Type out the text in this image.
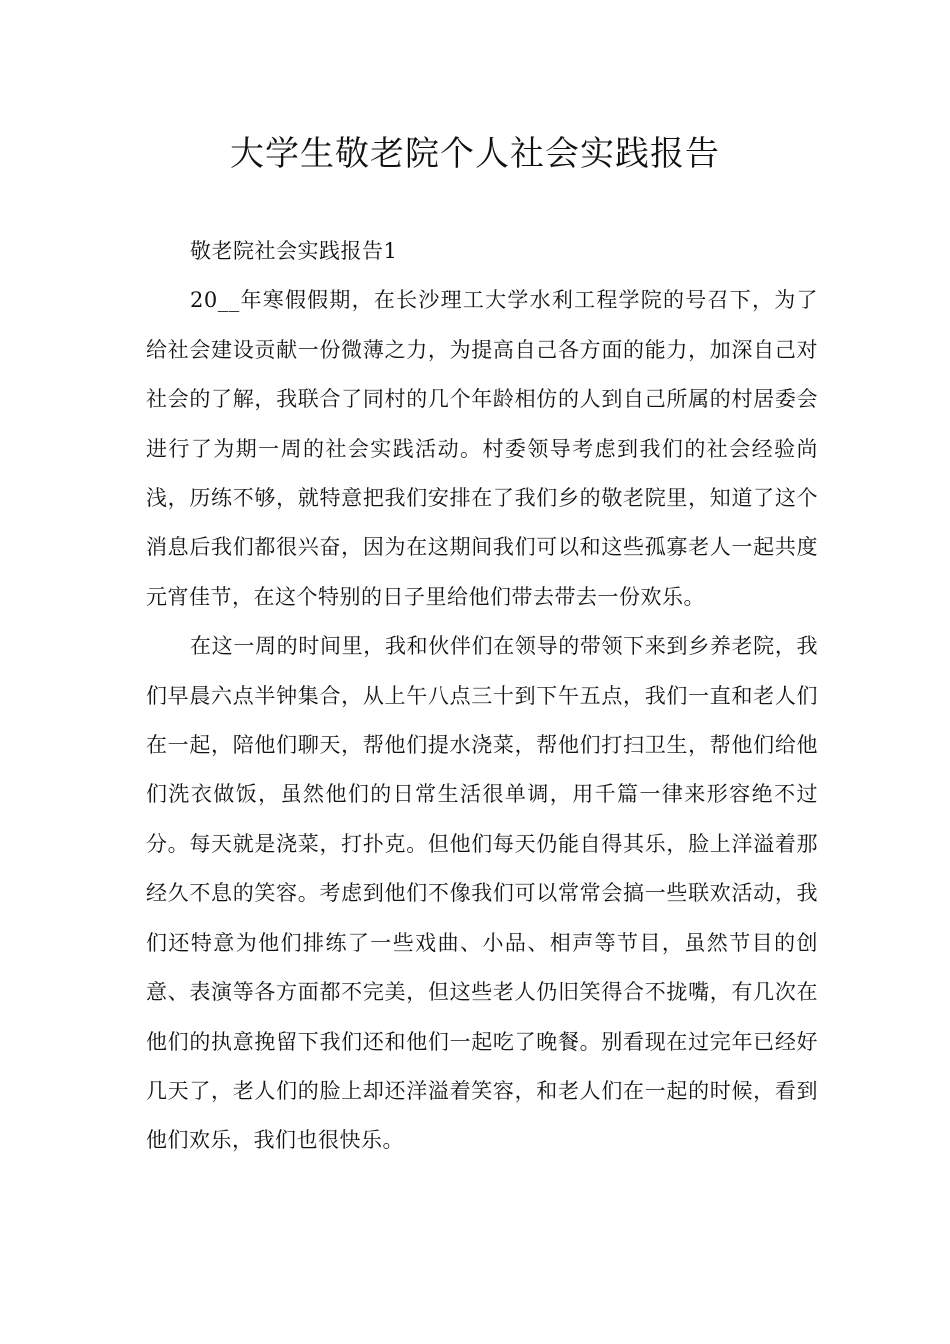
大学生敬老院个人社会实践报告

敬老院社会实践报告1

20__年寒假假期，在长沙理工大学水利工程学院的号召下，为了给社会建设贡献一份微薄之力，为提高自己各方面的能力，加深自己对社会的了解，我联合了同村的几个年龄相仿的人到自己所属的村居委会进行了为期一周的社会实践活动。村委领导考虑到我们的社会经验尚浅，历练不够，就特意把我们安排在了我们乡的敬老院里，知道了这个消息后我们都很兴奋，因为在这期间我们可以和这些孤寡老人一起共度元宵佳节，在这个特别的日子里给他们带去带去一份欢乐。

在这一周的时间里，我和伙伴们在领导的带领下来到乡养老院，我们早晨六点半钟集合，从上午八点三十到下午五点，我们一直和老人们在一起，陪他们聊天，帮他们提水浇菜，帮他们打扫卫生，帮他们给他们洗衣做饭，虽然他们的日常生活很单调，用千篇一律来形容绝不过分。每天就是浇菜，打扑克。但他们每天仍能自得其乐，脸上洋溢着那经久不息的笑容。考虑到他们不像我们可以常常会搞一些联欢活动，我们还特意为他们排练了一些戏曲、小品、相声等节目，虽然节目的创意、表演等各方面都不完美，但这些老人仍旧笑得合不拢嘴，有几次在他们的执意挽留下我们还和他们一起吃了晚餐。别看现在过完年已经好几天了，老人们的脸上却还洋溢着笑容，和老人们在一起的时候，看到他们欢乐，我们也很快乐。
